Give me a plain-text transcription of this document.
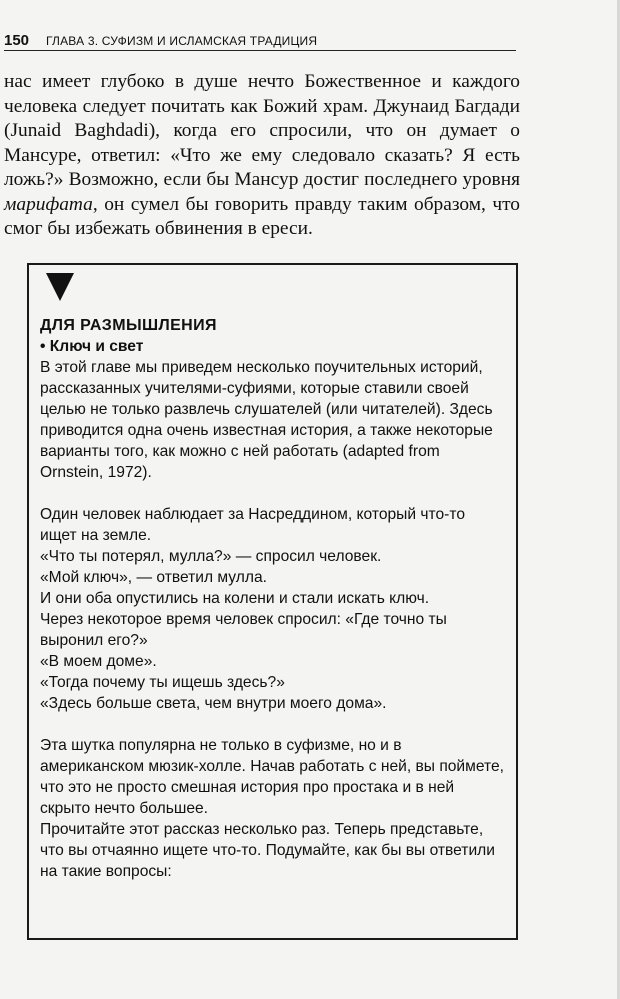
150 ГЛАВА 3. СУФИЗМ И ИСЛАМСКАЯ ТРАДИЦИЯ

нас имеет глубоко в душе нечто Божественное и каждого человека следует почитать как Божий храм. Джунаид Багдади (Junaid Baghdadi), когда его спросили, что он думает о Мансуре, ответил: «Что же ему следовало сказать? Я есть ложь?» Возможно, если бы Мансур достиг последнего уровня марифата, он сумел бы говорить правду таким образом, что смог бы избежать обвинения в ереси.

ДЛЯ РАЗМЫШЛЕНИЯ

• Ключ и свет

В этой главе мы приведем несколько поучительных историй, рассказанных учителями-суфиями, которые ставили своей целью не только развлечь слушателей (или читателей). Здесь приводится одна очень известная история, а также некоторые варианты того, как можно с ней работать (adapted from Ornstein, 1972).

Один человек наблюдает за Насреддином, который что-то ищет на земле.

«Что ты потерял, мулла?» — спросил человек.

«Мой ключ», — ответил мулла.

И они оба опустились на колени и стали искать ключ.

Через некоторое время человек спросил: «Где точно ты выронил его?»

«В моем доме».

«Тогда почему ты ищешь здесь?»

«Здесь больше света, чем внутри моего дома».

Эта шутка популярна не только в суфизме, но и в американском мюзик-холле. Начав работать с ней, вы поймете, что это не просто смешная история про простака и в ней скрыто нечто большее.

Прочитайте этот рассказ несколько раз. Теперь представьте, что вы отчаянно ищете что-то. Подумайте, как бы вы ответили на такие вопросы:
